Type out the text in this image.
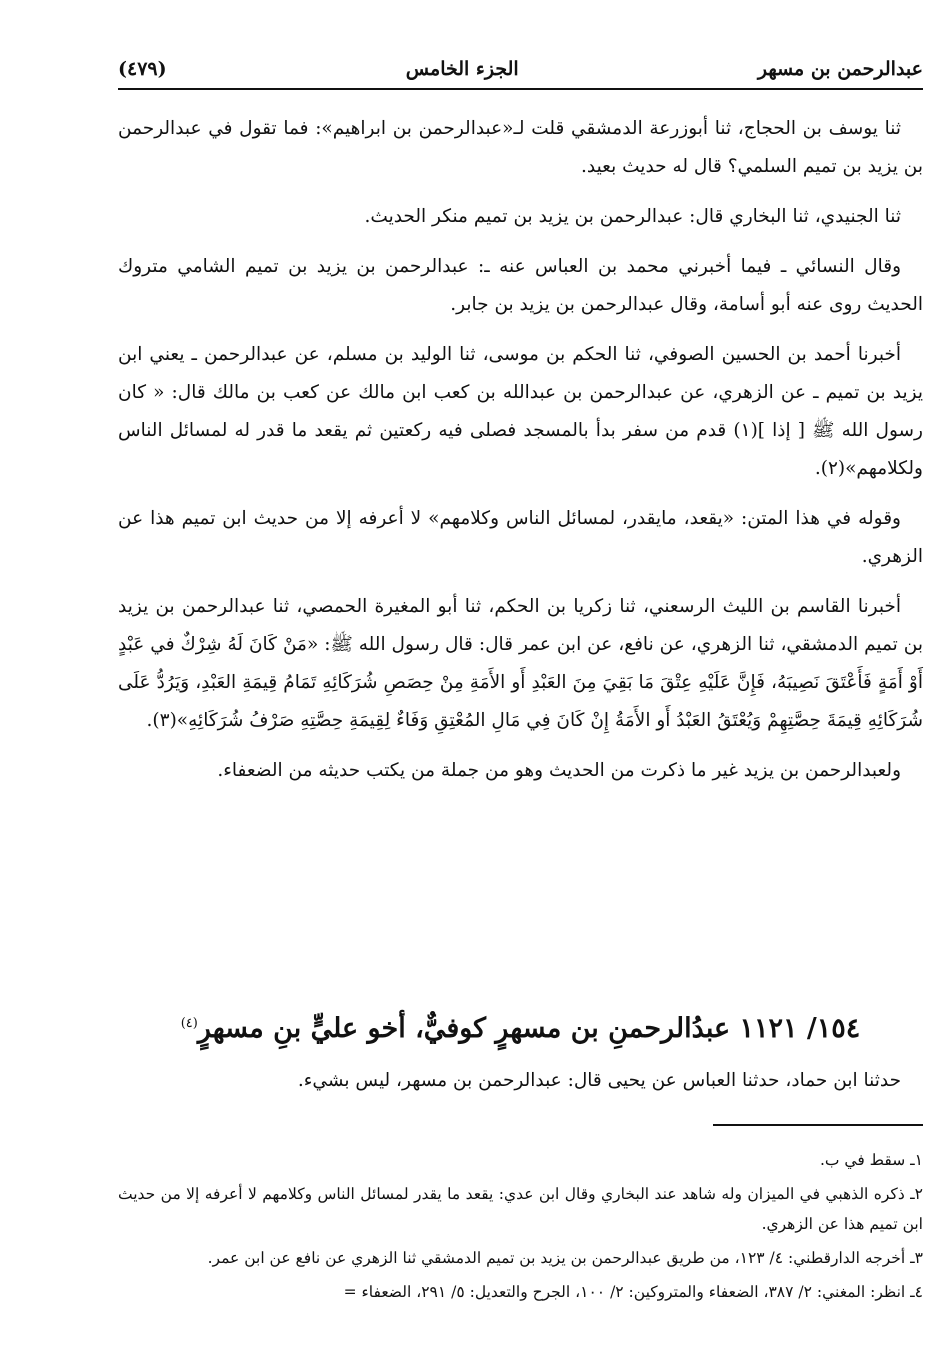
عبدالرحمن بن مسهر
الجزء الخامس
(٤٧٩)

ثنا يوسف بن الحجاج، ثنا أبوزرعة الدمشقي قلت لـ«عبدالرحمن بن ابراهيم»: فما تقول في عبدالرحمن بن يزيد بن تميم السلمي؟ قال له حديث بعيد.

ثنا الجنيدي، ثنا البخاري قال: عبدالرحمن بن يزيد بن تميم منكر الحديث.

وقال النسائي ـ فيما أخبرني محمد بن العباس عنه ـ: عبدالرحمن بن يزيد بن تميم الشامي متروك الحديث روى عنه أبو أسامة، وقال عبدالرحمن بن يزيد بن جابر.

أخبرنا أحمد بن الحسين الصوفي، ثنا الحكم بن موسى، ثنا الوليد بن مسلم، عن عبدالرحمن ـ يعني ابن يزيد بن تميم ـ عن الزهري، عن عبدالرحمن بن عبدالله بن كعب ابن مالك عن كعب بن مالك قال: « كان رسول الله ﷺ [ إذا ](١) قدم من سفر بدأ بالمسجد فصلى فيه ركعتين ثم يقعد ما قدر له لمسائل الناس ولكلامهم»(٢).

وقوله في هذا المتن: «يقعد، مايقدر، لمسائل الناس وكلامهم» لا أعرفه إلا من حديث ابن تميم هذا عن الزهري.

أخبرنا القاسم بن الليث الرسعني، ثنا زكريا بن الحكم، ثنا أبو المغيرة الحمصي، ثنا عبدالرحمن بن يزيد بن تميم الدمشقي، ثنا الزهري، عن نافع، عن ابن عمر قال: قال رسول الله ﷺ: «مَنْ كَانَ لَهُ شِرْكٌ في عَبْدٍ أَوْ أَمَةٍ فَأَعْتَقَ نَصِيبَهُ، فَإِنَّ عَلَيْهِ عِتْقَ مَا بَقِيَ مِنَ العَبْدِ أَو الأَمَةِ مِنْ حِصَصِ شُرَكَائِهِ تَمَامُ قِيمَةِ العَبْدِ، وَيَرُدُّ عَلَى شُرَكَائِهِ قِيمَةَ حِصَّتِهِمْ وَيُعْتَقُ العَبْدُ أَو الأَمَةُ إِنْ كَانَ فِي مَالِ المُعْتِقِ وَفَاءٌ لِقِيمَةِ حِصَّتِهِ صَرْفُ شُرَكَائِهِ»(٣).

ولعبدالرحمن بن يزيد غير ما ذكرت من الحديث وهو من جملة من يكتب حديثه من الضعفاء.

١٥٤/ ١١٢١ عبدُالرحمنِ بن مسهرٍ كوفيٌّ، أخو عليٍّ بنِ مسهرٍ$^{(٤)}$
حدثنا ابن حماد، حدثنا العباس عن يحيى قال: عبدالرحمن بن مسهر، ليس بشيء.

١ـ سقط في ب.

٢ـ ذكره الذهبي في الميزان وله شاهد عند البخاري وقال ابن عدي: يقعد ما يقدر لمسائل الناس وكلامهم لا أعرفه إلا من حديث ابن تميم هذا عن الزهري.

٣ـ أخرجه الدارقطني: ٤/ ١٢٣، من طريق عبدالرحمن بن يزيد بن تميم الدمشقي ثنا الزهري عن نافع عن ابن عمر.

٤ـ انظر: المغني: ٢/ ٣٨٧، الضعفاء والمتروكين: ٢/ ١٠٠، الجرح والتعديل: ٥/ ٢٩١، الضعفاء =
